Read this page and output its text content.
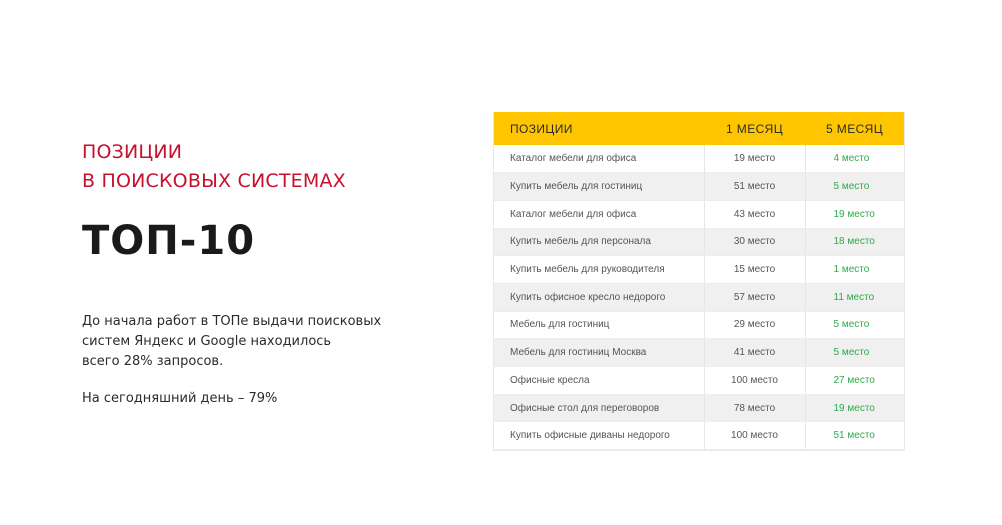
ПОЗИЦИИ
В ПОИСКОВЫХ СИСТЕМАХ
ТОП-10
До начала работ в ТОПе выдачи поисковых
систем Яндекс и Google находилось
всего 28% запросов.
На сегодняшний день – 79%
ПОЗИЦИИ	1 МЕСЯЦ	5 МЕСЯЦ
Каталог мебели для офиса	19 место	4 место
Купить мебель для гостиниц	51 место	5 место
Каталог мебели для офиса	43 место	19 место
Купить мебель для персонала	30 место	18 место
Купить мебель для руководителя	15 место	1 место
Купить офисное кресло недорого	57 место	11 место
Мебель для гостиниц	29 место	5 место
Мебель для гостиниц Москва	41 место	5 место
Офисные кресла	100 место	27 место
Офисные стол для переговоров	78 место	19 место
Купить офисные диваны недорого	100 место	51 место
